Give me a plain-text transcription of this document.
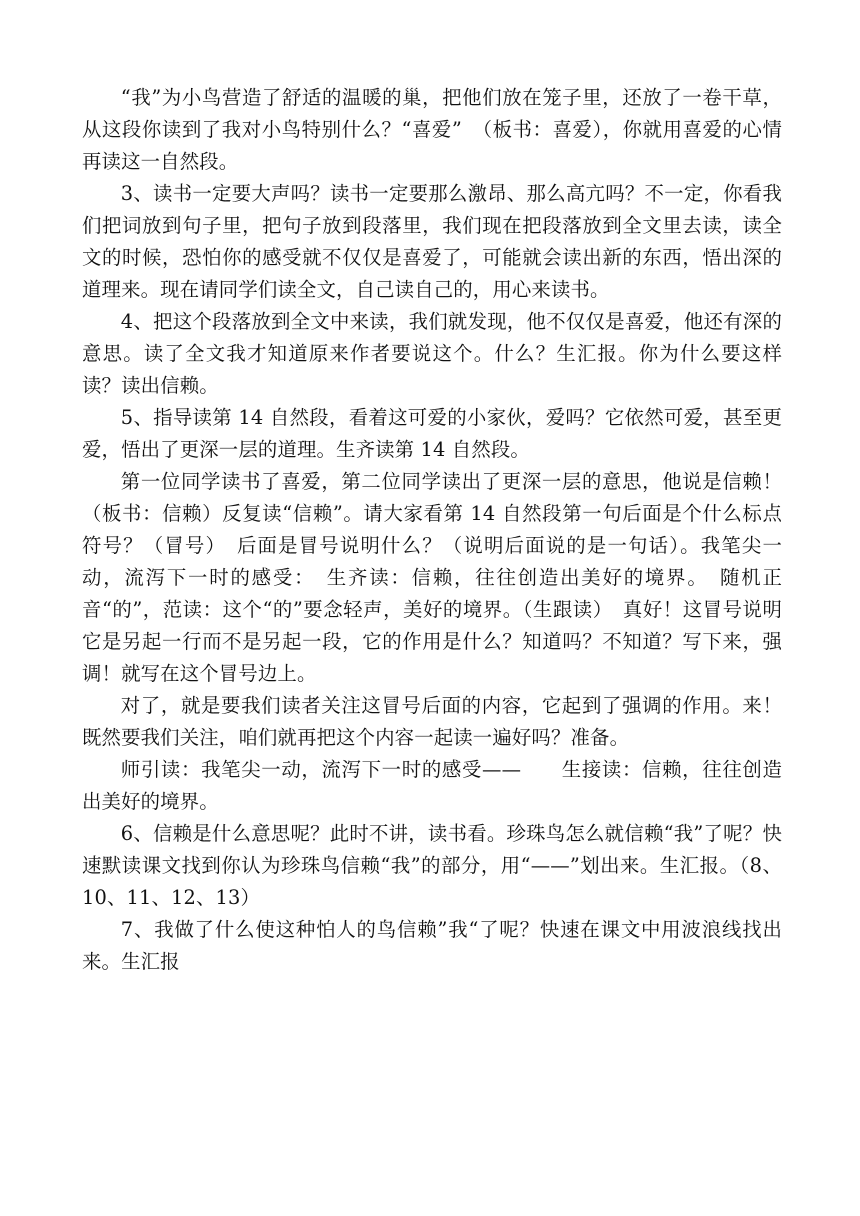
“我”为小鸟营造了舒适的温暖的巢，把他们放在笼子里，还放了一卷干草，从这段你读到了我对小鸟特别什么？“喜爱”　（板书：喜爱），你就用喜爱的心情再读这一自然段。

3、读书一定要大声吗？读书一定要那么激昂、那么高亢吗？不一定，你看我们把词放到句子里，把句子放到段落里，我们现在把段落放到全文里去读，读全文的时候，恐怕你的感受就不仅仅是喜爱了，可能就会读出新的东西，悟出深的道理来。现在请同学们读全文，自己读自己的，用心来读书。

4、把这个段落放到全文中来读，我们就发现，他不仅仅是喜爱，他还有深的意思。读了全文我才知道原来作者要说这个。什么？生汇报。你为什么要这样读？读出信赖。

5、指导读第 14 自然段，看着这可爱的小家伙，爱吗？它依然可爱，甚至更爱，悟出了更深一层的道理。生齐读第 14 自然段。

第一位同学读书了喜爱，第二位同学读出了更深一层的意思，他说是信赖！（板书：信赖）反复读“信赖”。请大家看第 14 自然段第一句后面是个什么标点符号？（冒号）　后面是冒号说明什么？（说明后面说的是一句话）。我笔尖一动，流泻下一时的感受：　生齐读：信赖，往往创造出美好的境界。　随机正音“的”，范读：这个“的”要念轻声，美好的境界。（生跟读）　真好！这冒号说明它是另起一行而不是另起一段，它的作用是什么？知道吗？不知道？写下来，强调！就写在这个冒号边上。

对了，就是要我们读者关注这冒号后面的内容，它起到了强调的作用。来！既然要我们关注，咱们就再把这个内容一起读一遍好吗？准备。

师引读：我笔尖一动，流泻下一时的感受——　　生接读：信赖，往往创造出美好的境界。

6、信赖是什么意思呢？此时不讲，读书看。珍珠鸟怎么就信赖“我”了呢？快速默读课文找到你认为珍珠鸟信赖“我”的部分，用“——”划出来。生汇报。（8、10、11、12、13）

7、我做了什么使这种怕人的鸟信赖”我“了呢？快速在课文中用波浪线找出来。生汇报
